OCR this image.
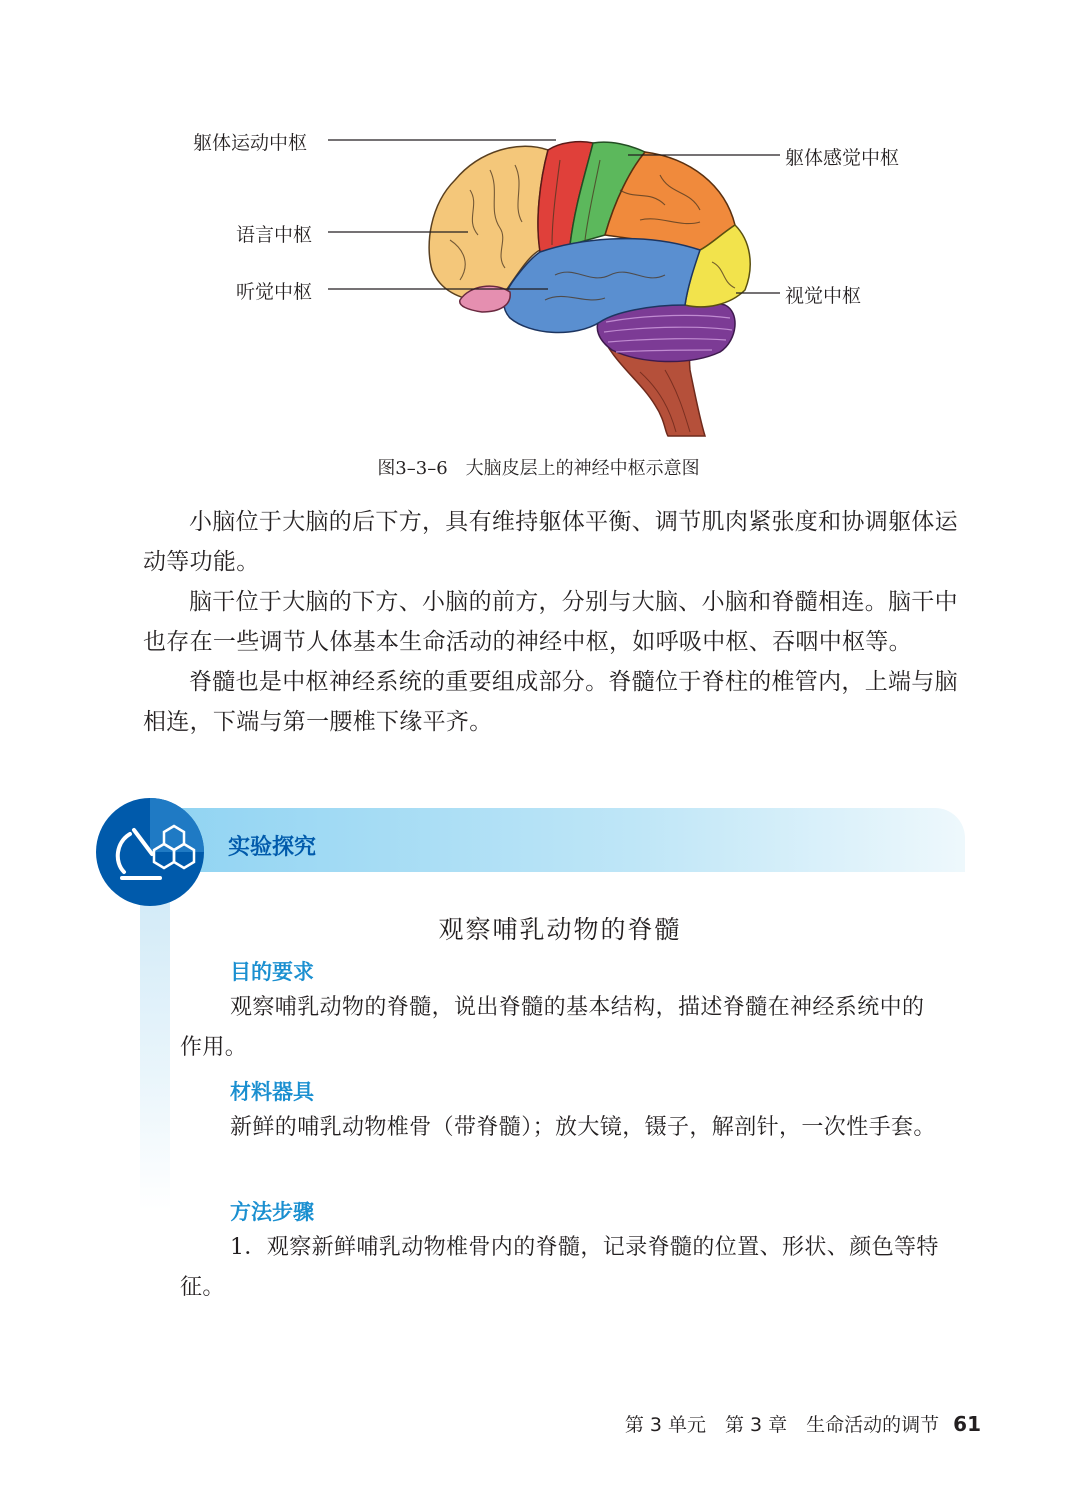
躯体运动中枢
躯体感觉中枢
语言中枢
听觉中枢	视觉中枢
图3–3–6　大脑皮层上的神经中枢示意图

小脑位于大脑的后下方，具有维持躯体平衡、调节肌肉紧张度和协调躯体运动等功能。

脑干位于大脑的下方、小脑的前方，分别与大脑、小脑和脊髓相连。脑干中也存在一些调节人体基本生命活动的神经中枢，如呼吸中枢、吞咽中枢等。

脊髓也是中枢神经系统的重要组成部分。脊髓位于脊柱的椎管内，上端与脑相连，下端与第一腰椎下缘平齐。

实验探究
观察哺乳动物的脊髓
目的要求

观察哺乳动物的脊髓，说出脊髓的基本结构，描述脊髓在神经系统中的作用。

材料器具

新鲜的哺乳动物椎骨（带脊髓）；放大镜，镊子，解剖针，一次性手套。

方法步骤

1．观察新鲜哺乳动物椎骨内的脊髓，记录脊髓的位置、形状、颜色等特征。

第 3 单元　第 3 章　生命活动的调节 61
